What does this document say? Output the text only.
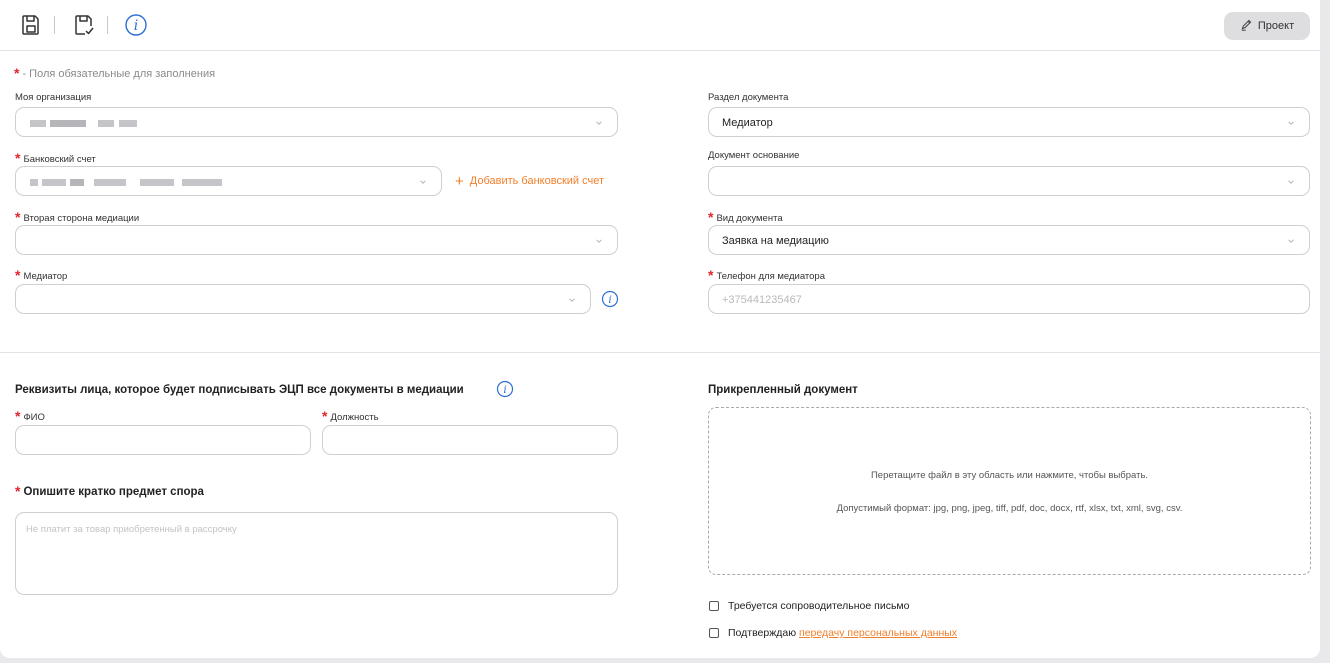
i	Проект
* - Поля обязательные для заполнения
Моя организация
* Банковский счет
+ Добавить банковский счет
* Вторая сторона медиации
* Медиатор
i
Раздел документа
Медиатор
Документ основание
* Вид документа
Заявка на медиацию
* Телефон для медиатора
+375441235467
Реквизиты лица, которое будет подписывать ЭЦП все документы в медиации	i
* ФИО	* Должность
* Опишите кратко предмет спора
Не платит за товар приобретенный в рассрочку
Прикрепленный документ
Перетащите файл в эту область или нажмите, чтобы выбрать.
Допустимый формат: jpg, png, jpeg, tiff, pdf, doc, docx, rtf, xlsx, txt, xml, svg, csv.
Требуется сопроводительное письмо
Подтверждаю
передачу персональных данных
